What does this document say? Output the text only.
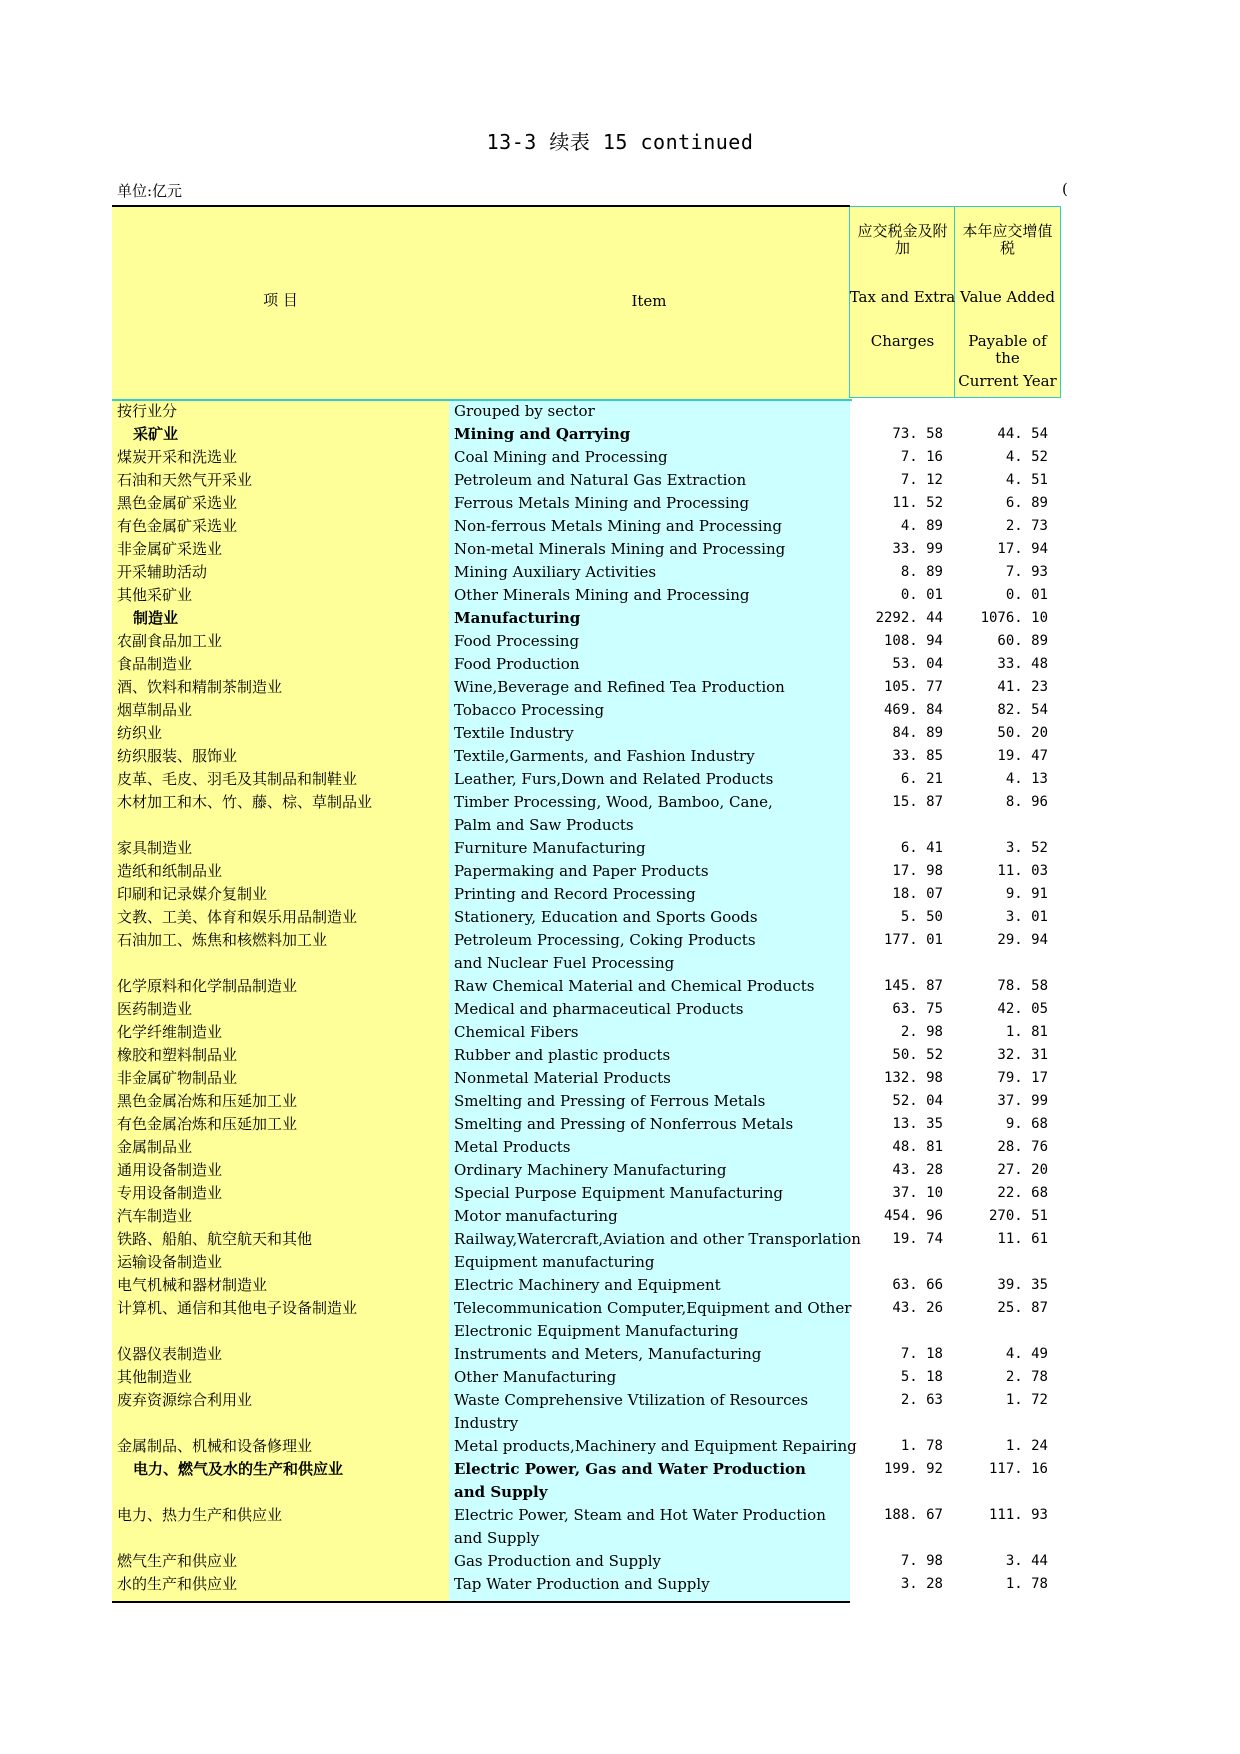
13-3 续表 15 continued
单位:亿元	(
项 目	Item
应交税金及附加
Tax and Extra
Charges
本年应交增值税
Value Added
Payable of the
Current Year
按行业分	Grouped by sector
采矿业	Mining and Qarrying	73. 58	44. 54
煤炭开采和洗选业	Coal Mining and Processing	7. 16	4. 52
石油和天然气开采业	Petroleum and Natural Gas Extraction	7. 12	4. 51
黑色金属矿采选业	Ferrous Metals Mining and Processing	11. 52	6. 89
有色金属矿采选业	Non-ferrous Metals Mining and Processing	4. 89	2. 73
非金属矿采选业	Non-metal Minerals Mining and Processing	33. 99	17. 94
开采辅助活动	Mining Auxiliary Activities	8. 89	7. 93
其他采矿业	Other Minerals Mining and Processing	0. 01	0. 01
制造业	Manufacturing	2292. 44	1076. 10
农副食品加工业	Food Processing	108. 94	60. 89
食品制造业	Food Production	53. 04	33. 48
酒、饮料和精制茶制造业	Wine,Beverage and Refined Tea Production	105. 77	41. 23
烟草制品业	Tobacco Processing	469. 84	82. 54
纺织业	Textile Industry	84. 89	50. 20
纺织服装、服饰业	Textile,Garments, and Fashion Industry	33. 85	19. 47
皮革、毛皮、羽毛及其制品和制鞋业	Leather, Furs,Down and Related Products	6. 21	4. 13
木材加工和木、竹、藤、棕、草制品业	Timber Processing, Wood, Bamboo, Cane,	15. 87	8. 96
Palm and Saw Products
家具制造业	Furniture Manufacturing	6. 41	3. 52
造纸和纸制品业	Papermaking and Paper Products	17. 98	11. 03
印刷和记录媒介复制业	Printing and Record Processing	18. 07	9. 91
文教、工美、体育和娱乐用品制造业	Stationery, Education and Sports Goods	5. 50	3. 01
石油加工、炼焦和核燃料加工业	Petroleum Processing, Coking Products	177. 01	29. 94
and Nuclear Fuel Processing
化学原料和化学制品制造业	Raw Chemical Material and Chemical Products	145. 87	78. 58
医药制造业	Medical and pharmaceutical Products	63. 75	42. 05
化学纤维制造业	Chemical Fibers	2. 98	1. 81
橡胶和塑料制品业	Rubber and plastic products	50. 52	32. 31
非金属矿物制品业	Nonmetal Material Products	132. 98	79. 17
黑色金属冶炼和压延加工业	Smelting and Pressing of Ferrous Metals	52. 04	37. 99
有色金属冶炼和压延加工业	Smelting and Pressing of Nonferrous Metals	13. 35	9. 68
金属制品业	Metal Products	48. 81	28. 76
通用设备制造业	Ordinary Machinery Manufacturing	43. 28	27. 20
专用设备制造业	Special Purpose Equipment Manufacturing	37. 10	22. 68
汽车制造业	Motor manufacturing	454. 96	270. 51
铁路、船舶、航空航天和其他	Railway,Watercraft,Aviation and other Transporlation 19. 74	11. 61
运输设备制造业	Equipment manufacturing
电气机械和器材制造业	Electric Machinery and Equipment	63. 66	39. 35
计算机、通信和其他电子设备制造业	Telecommunication Computer,Equipment and Other	43. 26	25. 87
Electronic Equipment Manufacturing
仪器仪表制造业	Instruments and Meters, Manufacturing	7. 18	4. 49
其他制造业	Other Manufacturing	5. 18	2. 78
废弃资源综合利用业	Waste Comprehensive Vtilization of Resources	2. 63	1. 72
Industry
金属制品、机械和设备修理业	Metal products,Machinery and Equipment Repairing	1. 78	1. 24
电力、燃气及水的生产和供应业	Electric Power, Gas and Water Production	199. 92	117. 16
and Supply
电力、热力生产和供应业	Electric Power, Steam and Hot Water Production	188. 67	111. 93
and Supply
燃气生产和供应业	Gas Production and Supply	7. 98	3. 44
水的生产和供应业	Tap Water Production and Supply	3. 28	1. 78
